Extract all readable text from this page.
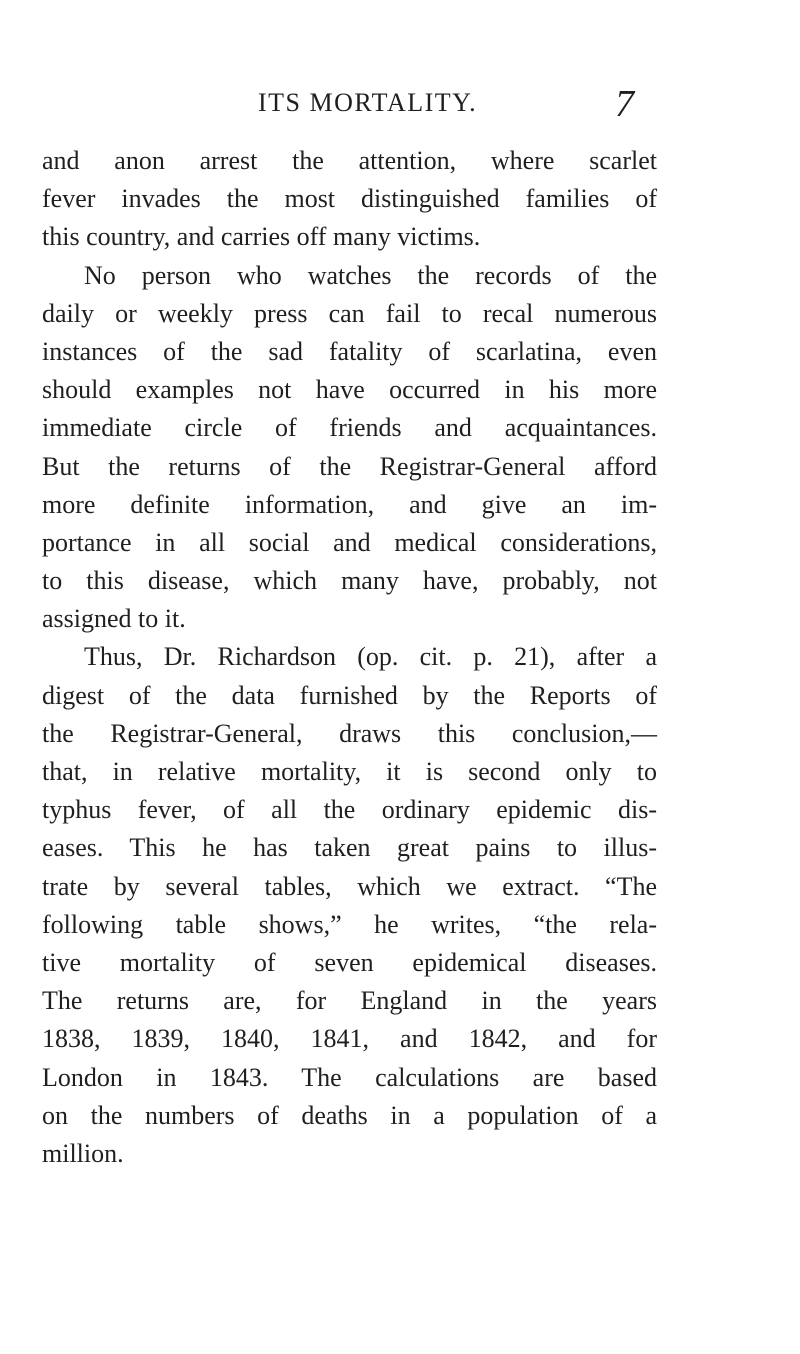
ITS MORTALITY.	7
and anon arrest the attention, where scarlet
fever invades the most distinguished families of
this country, and carries off many victims.
No person who watches the records of the
daily or weekly press can fail to recal numerous
instances of the sad fatality of scarlatina, even
should examples not have occurred in his more
immediate circle of friends and acquaintances.
But the returns of the Registrar-General afford
more definite information, and give an im-
portance in all social and medical considerations,
to this disease, which many have, probably, not
assigned to it.
Thus, Dr. Richardson (op. cit. p. 21), after a
digest of the data furnished by the Reports of
the Registrar-General, draws this conclusion,—
that, in relative mortality, it is second only to
typhus fever, of all the ordinary epidemic dis-
eases. This he has taken great pains to illus-
trate by several tables, which we extract. “The
following table shows,” he writes, “the rela-
tive mortality of seven epidemical diseases.
The returns are, for England in the years
1838, 1839, 1840, 1841, and 1842, and for
London in 1843. The calculations are based
on the numbers of deaths in a population of a
million.
